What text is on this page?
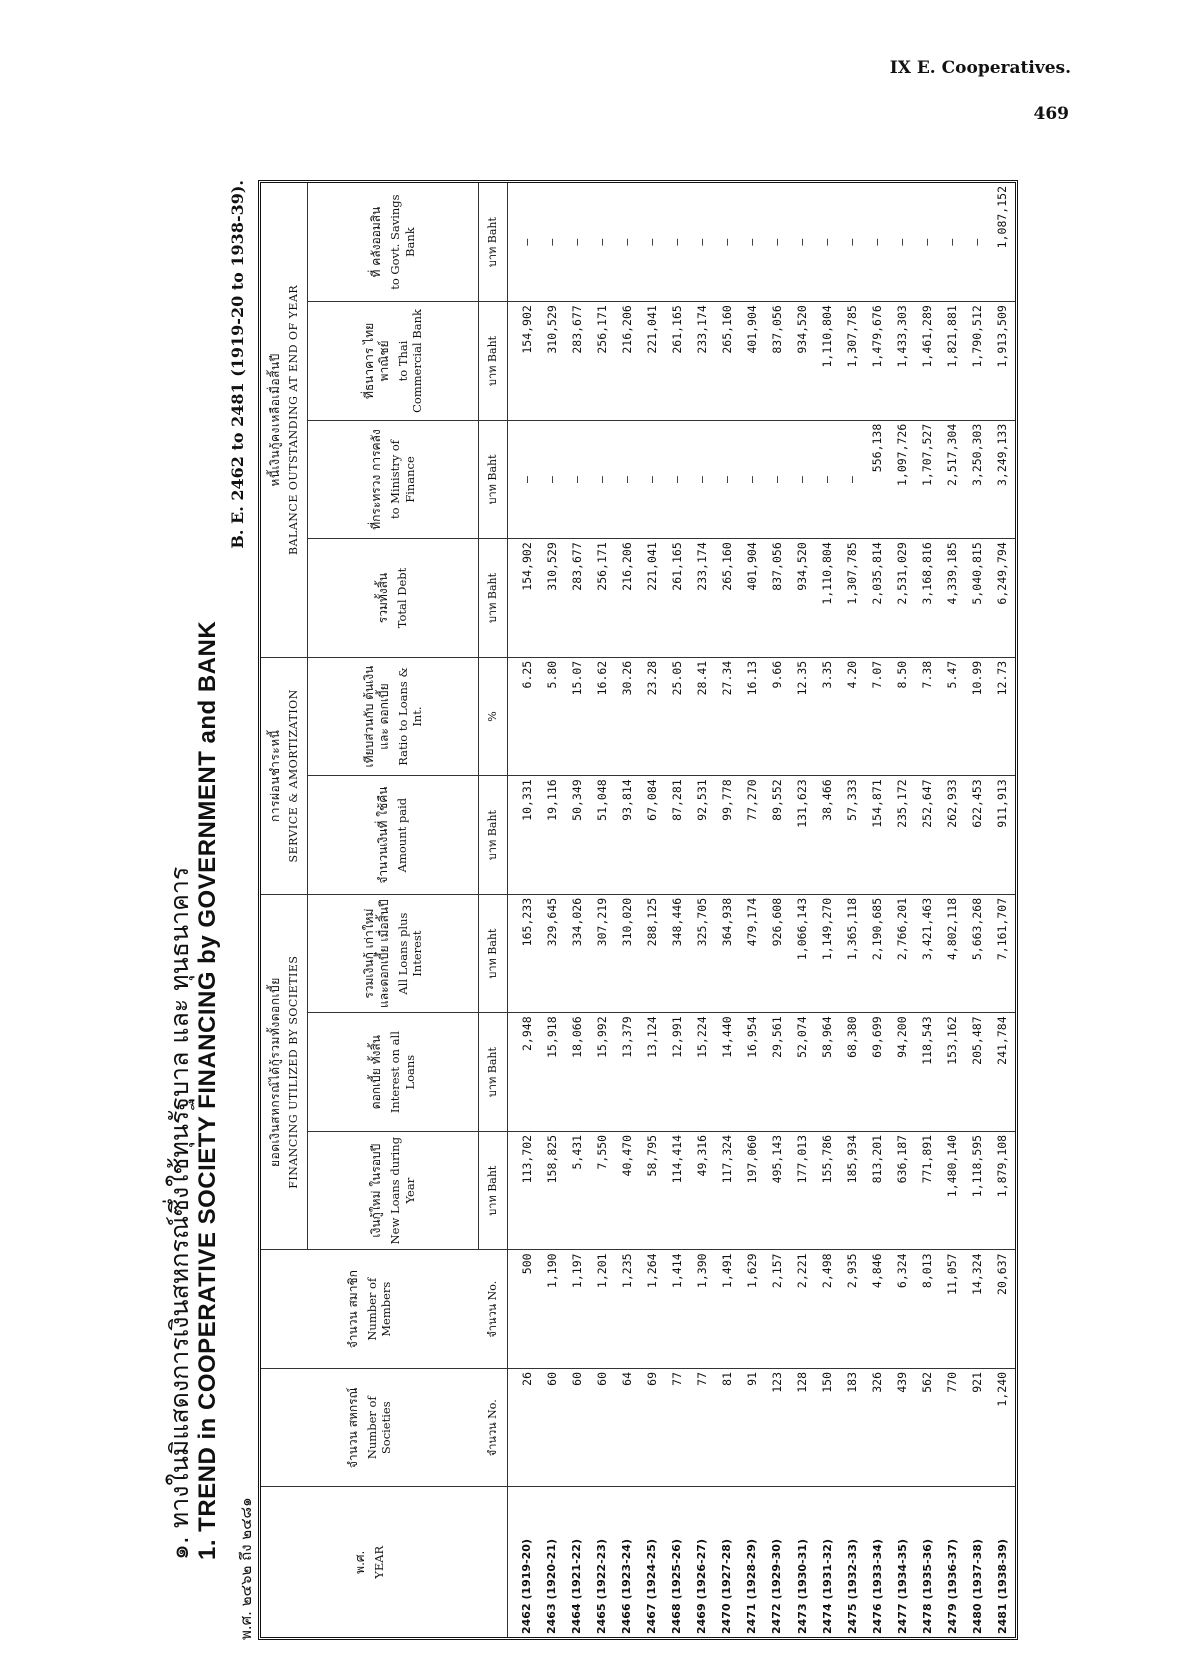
IX E. Cooperatives.
469
๑. ทางในมิแสดงการเงินสหกรณ์ซึ่งใช้ทุนรัฐบาล และ ทุนธนาคาร 1. TREND in COOPERATIVE SOCIETY FINANCING by GOVERNMENT and BANK
B. E. 2462 to 2481 (1919-20 to 1938-39).
พ.ศ. ๒๔๖๒ ถึง ๒๔๘๑	พ.ศ. YEAR	จำนวน สหกรณ์ Number of Societies	จำนวน สมาชิก Number of Members	ยอดเงินสหกรณ์ได้กู้รวมทั้งดอกเบี้ย FINANCING UTILIZED BY SOCIETIES			การผ่อนชำระหนี้ SERVICE & AMORTIZATION		หนี้เงินกู้คงเหลือเมื่อสิ้นปี BALANCE OUTSTANDING AT END OF YEAR			

			เงินกู้ใหม่ ในรอบปี New Loans during Year	ดอกเบี้ย ทั้งสิ้น Interest on all Loans	รวมเงินกู้ เก่าใหม่ และดอกเบี้ย เมื่อสิ้นปี All Loans plus Interest	จำนวนเงินที่ ใช้คืน Amount paid	เทียบส่วนกับ ต้นเงินและ ดอกเบี้ย Ratio to Loans & Int.	รวมทั้งสิ้น Total Debt	ที่กระทรวง การคลัง to Ministry of Finance	ที่ธนาคาร ไทยพาณิชย์ to Thai Commercial Bank	ที่ คลังออมสิน to Govt. Savings Bank

	จำนวน No.	จำนวน No.	บาท Baht	บาท Baht	บาท Baht	บาท Baht	%	บาท Baht	บาท Baht	บาท Baht	บาท Baht

2462 (1919-20)	26	500	113,702	2,948	165,233	10,331	6.25	154,902	—	154,902	—
2463 (1920-21)	60	1,190	158,825	15,918	329,645	19,116	5.80	310,529	—	310,529	—
2464 (1921-22)	60	1,197	5,431	18,066	334,026	50,349	15.07	283,677	—	283,677	—
2465 (1922-23)	60	1,201	7,550	15,992	307,219	51,048	16.62	256,171	—	256,171	—
2466 (1923-24)	64	1,235	40,470	13,379	310,020	93,814	30.26	216,206	—	216,206	—
2467 (1924-25)	69	1,264	58,795	13,124	288,125	67,084	23.28	221,041	—	221,041	—
2468 (1925-26)	77	1,414	114,414	12,991	348,446	87,281	25.05	261,165	—	261,165	—
2469 (1926-27)	77	1,390	49,316	15,224	325,705	92,531	28.41	233,174	—	233,174	—
2470 (1927-28)	81	1,491	117,324	14,440	364,938	99,778	27.34	265,160	—	265,160	—
2471 (1928-29)	91	1,629	197,060	16,954	479,174	77,270	16.13	401,904	—	401,904	—
2472 (1929-30)	123	2,157	495,143	29,561	926,608	89,552	9.66	837,056	—	837,056	—
2473 (1930-31)	128	2,221	177,013	52,074	1,066,143	131,623	12.35	934,520	—	934,520	—
2474 (1931-32)	150	2,498	155,786	58,964	1,149,270	38,466	3.35	1,110,804	—	1,110,804	—
2475 (1932-33)	183	2,935	185,934	68,380	1,365,118	57,333	4.20	1,307,785	—	1,307,785	—
2476 (1933-34)	326	4,846	813,201	69,699	2,190,685	154,871	7.07	2,035,814	556,138	1,479,676	—
2477 (1934-35)	439	6,324	636,187	94,200	2,766,201	235,172	8.50	2,531,029	1,097,726	1,433,303	—
2478 (1935-36)	562	8,013	771,891	118,543	3,421,463	252,647	7.38	3,168,816	1,707,527	1,461,289	—
2479 (1936-37)	770	11,057	1,480,140	153,162	4,802,118	262,933	5.47	4,339,185	2,517,304	1,821,881	—
2480 (1937-38)	921	14,324	1,118,595	205,487	5,663,268	622,453	10.99	5,040,815	3,250,303	1,790,512	—
2481 (1938-39)	1,240	20,637	1,879,108	241,784	7,161,707	911,913	12.73	6,249,794	3,249,133	1,913,509	1,087,152
